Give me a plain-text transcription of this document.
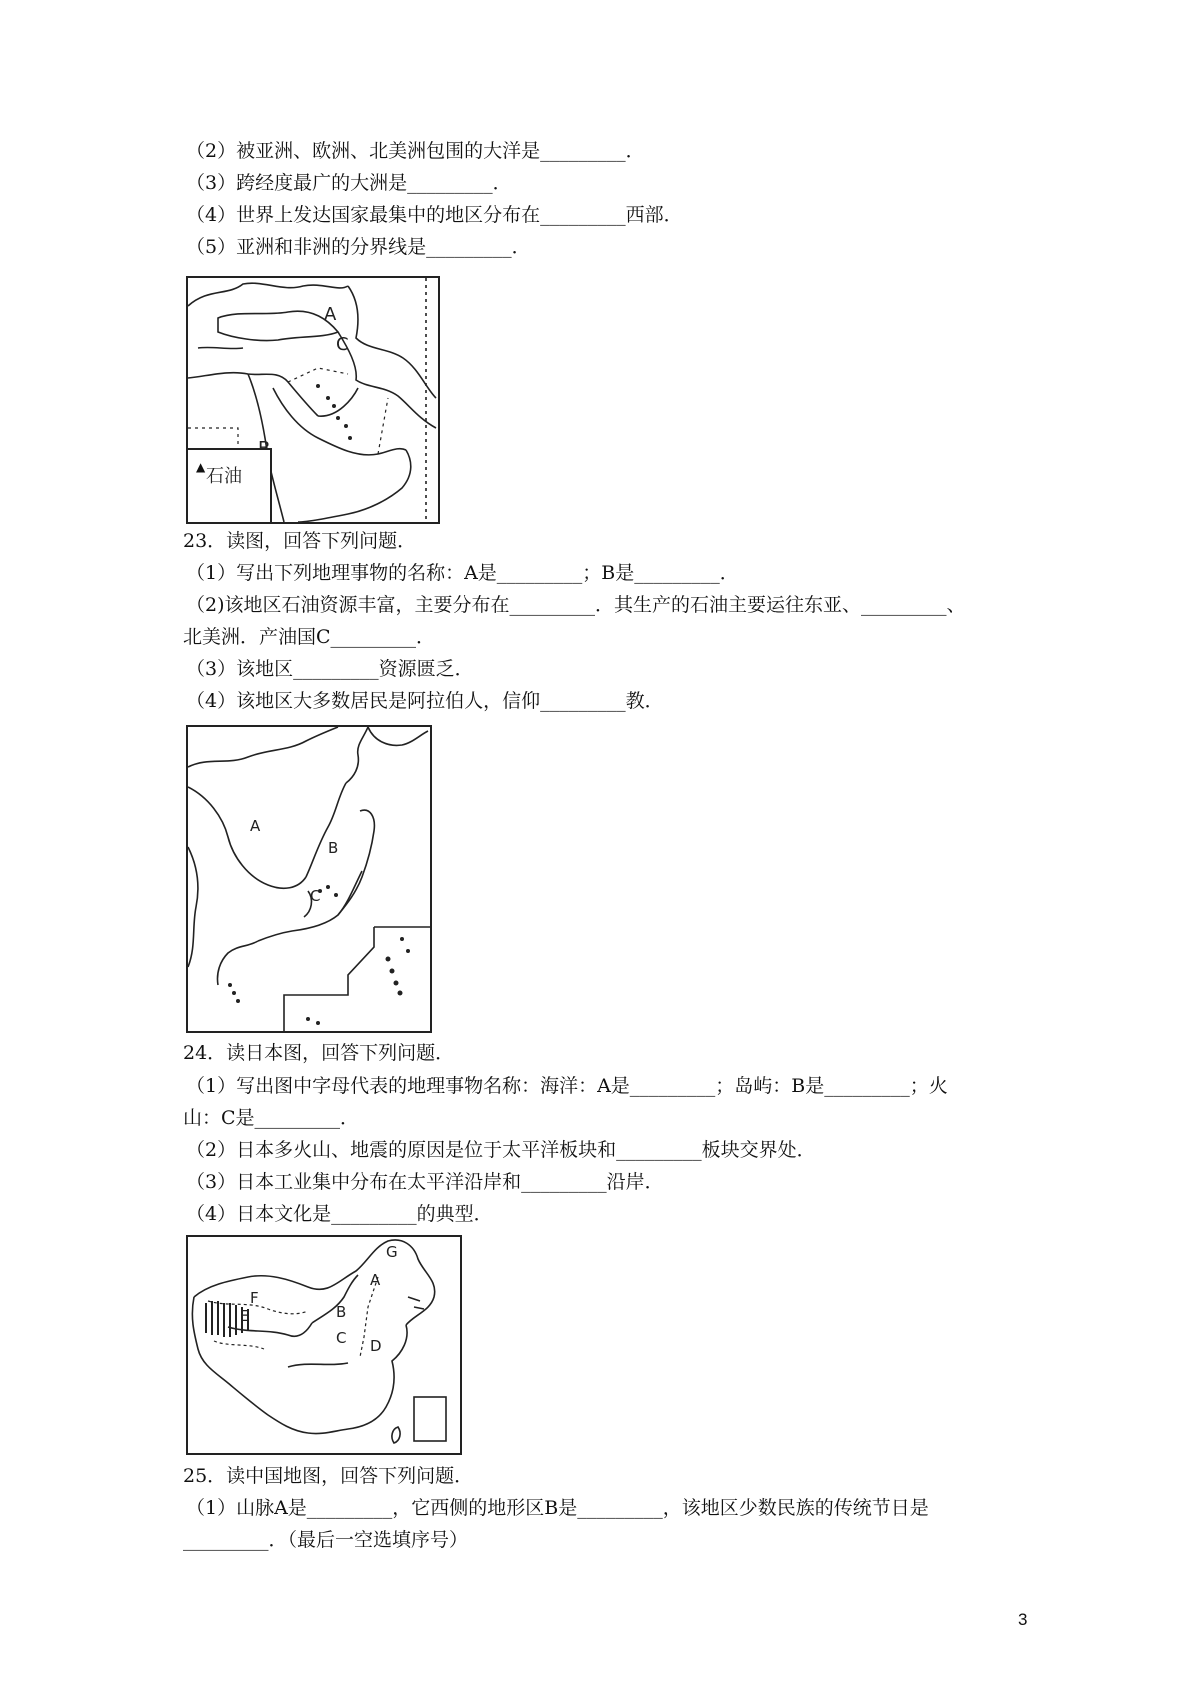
（2）被亚洲、欧洲、北美洲包围的大洋是_________．
（3）跨经度最广的大洲是_________．
（4）世界上发达国家最集中的地区分布在_________西部．
（5）亚洲和非洲的分界线是_________．
A
C
▲ 石油
23．读图，回答下列问题．
（1）写出下列地理事物的名称：A是_________；B是_________．
（2)该地区石油资源丰富，主要分布在_________．其生产的石油主要运往东亚、_________、
北美洲．产油国C_________．
（3）该地区_________资源匮乏．
（4）该地区大多数居民是阿拉伯人，信仰_________教．
A
B
C
24．读日本图，回答下列问题．
（1）写出图中字母代表的地理事物名称：海洋：A是_________；岛屿：B是_________；火
山：C是_________．
（2）日本多火山、地震的原因是位于太平洋板块和_________板块交界处．
（3）日本工业集中分布在太平洋沿岸和_________沿岸．
（4）日本文化是_________的典型．
G
A
B
C D
E
F
25．读中国地图，回答下列问题．
（1）山脉A是_________，它西侧的地形区B是_________，该地区少数民族的传统节日是
_________．（最后一空选填序号）
3
